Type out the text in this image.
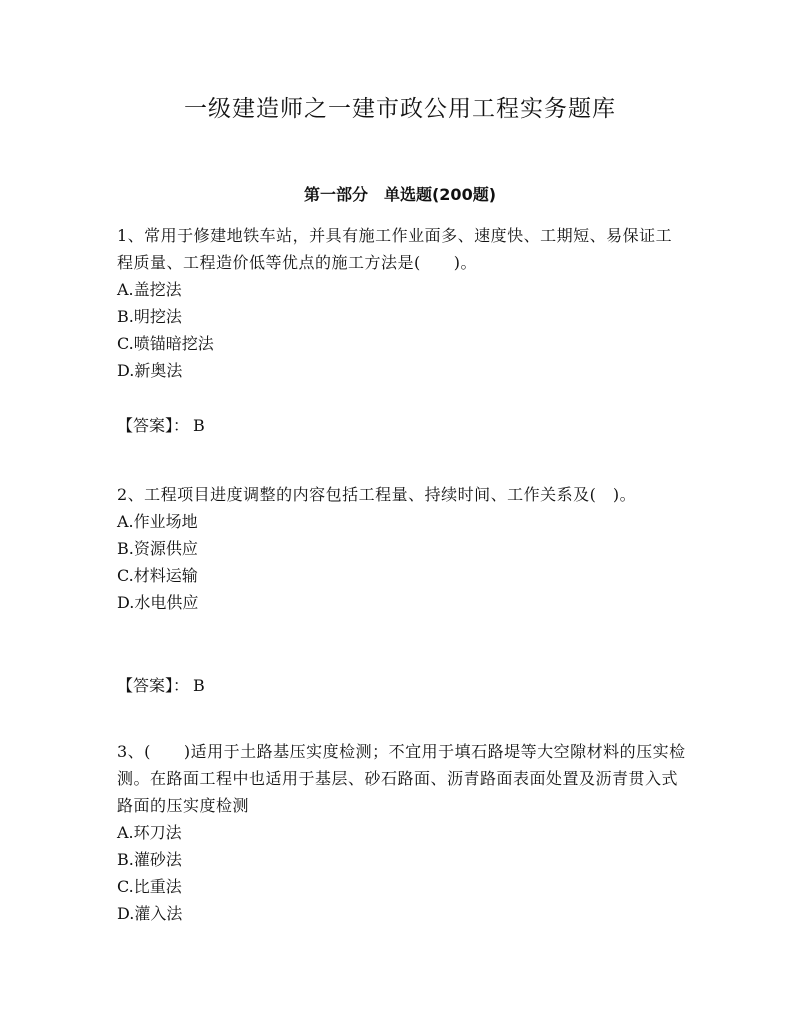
一级建造师之一建市政公用工程实务题库
第一部分　单选题(200题)

1、常用于修建地铁车站，并具有施工作业面多、速度快、工期短、易保证工程质量、工程造价低等优点的施工方法是(　　)。

A.盖挖法

B.明挖法

C.喷锚暗挖法

D.新奥法

【答案】： B

2、工程项目进度调整的内容包括工程量、持续时间、工作关系及(　)。

A.作业场地

B.资源供应

C.材料运输

D.水电供应

【答案】： B

3、(　　)适用于土路基压实度检测；不宜用于填石路堤等大空隙材料的压实检测。在路面工程中也适用于基层、砂石路面、沥青路面表面处置及沥青贯入式路面的压实度检测

A.环刀法

B.灌砂法

C.比重法

D.灌入法
